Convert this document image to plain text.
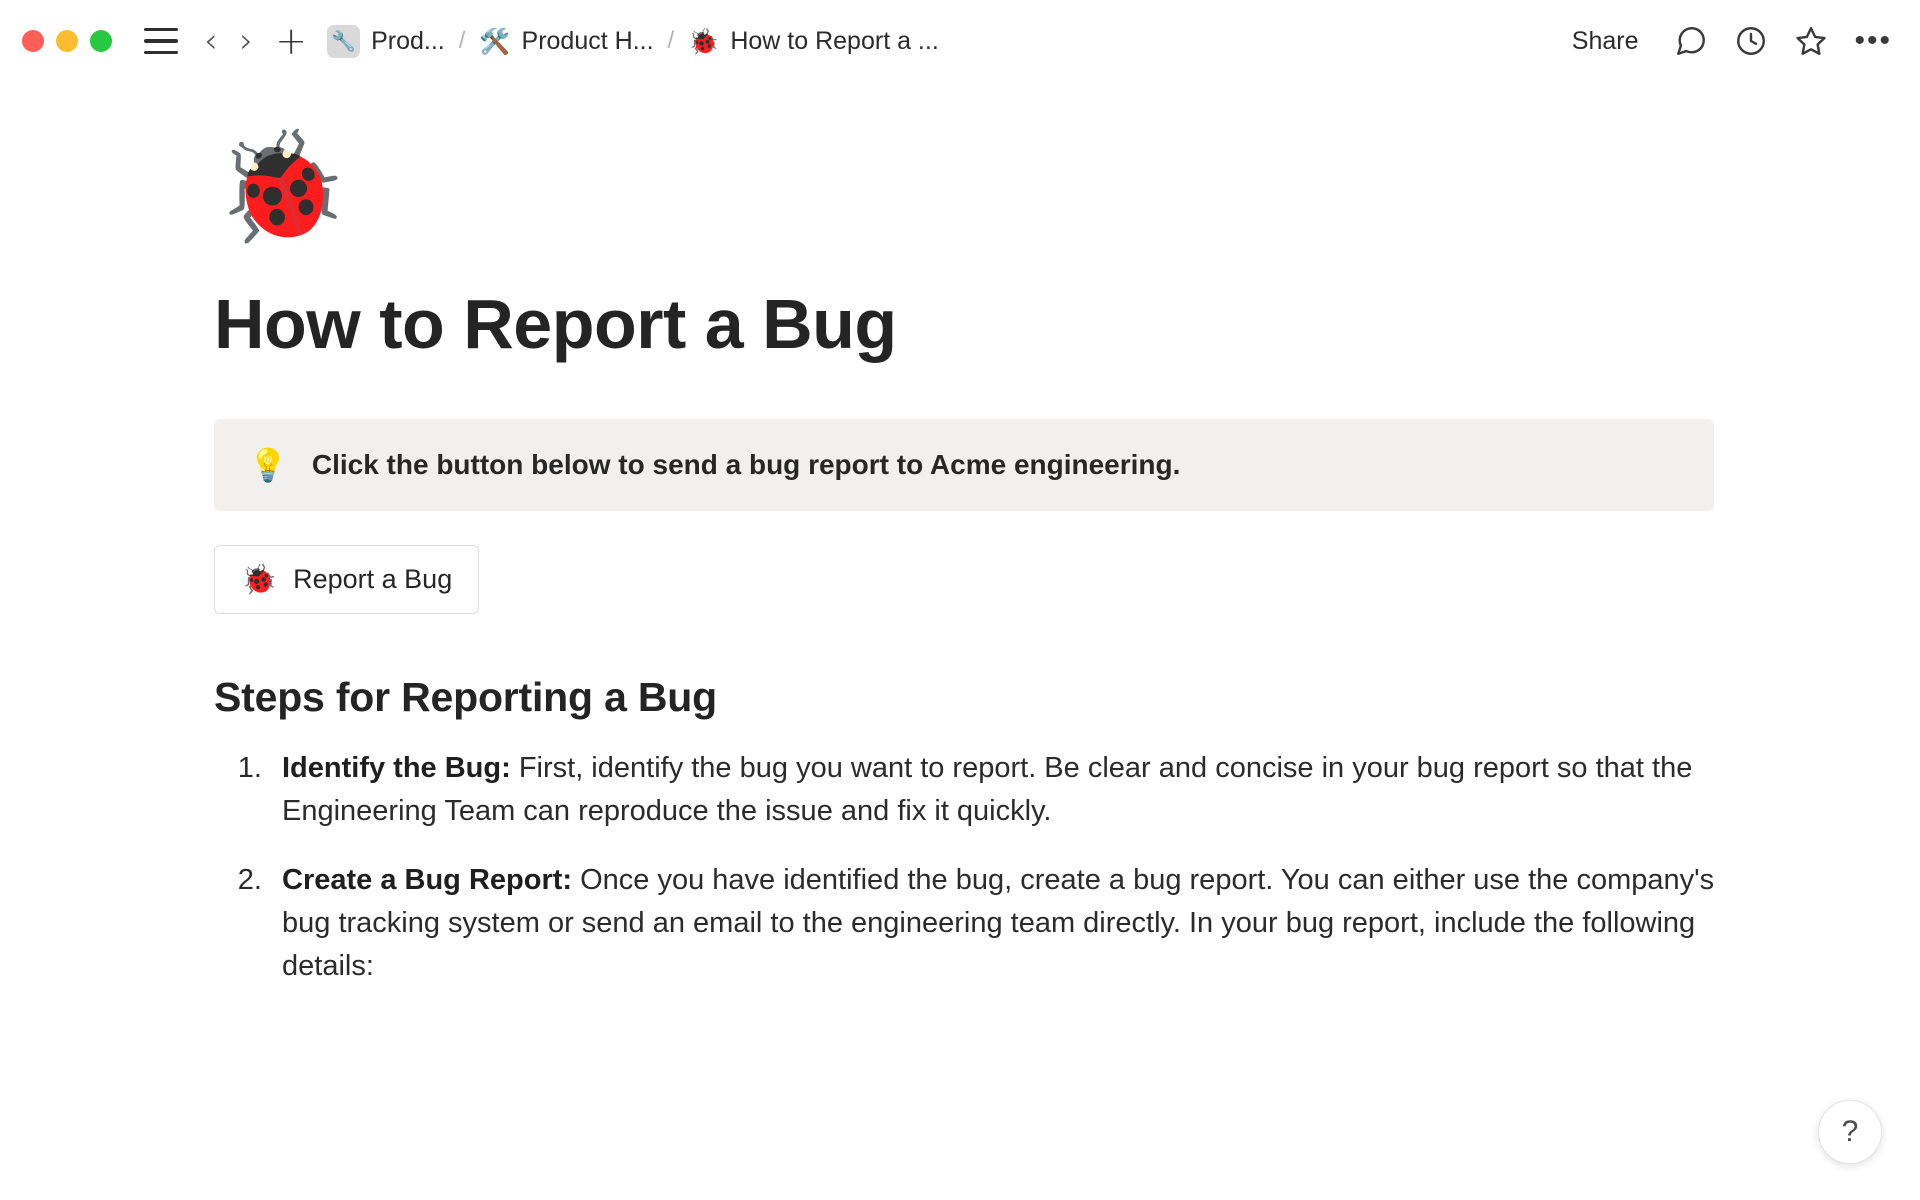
‹ › + 🔧 Prod... / 🛠️ Product H... / 🐞 How to Report a ...	Share	•••
🐞
How to Report a Bug
💡 Click the button below to send a bug report to Acme engineering.
🐞 Report a Bug
Steps for Reporting a Bug
1. Identify the Bug: First, identify the bug you want to report. Be clear and concise in your bug report so that the Engineering Team can reproduce the issue and fix it quickly.
2. Create a Bug Report: Once you have identified the bug, create a bug report. You can either use the company's bug tracking system or send an email to the engineering team directly. In your bug report, include the following details:
?
